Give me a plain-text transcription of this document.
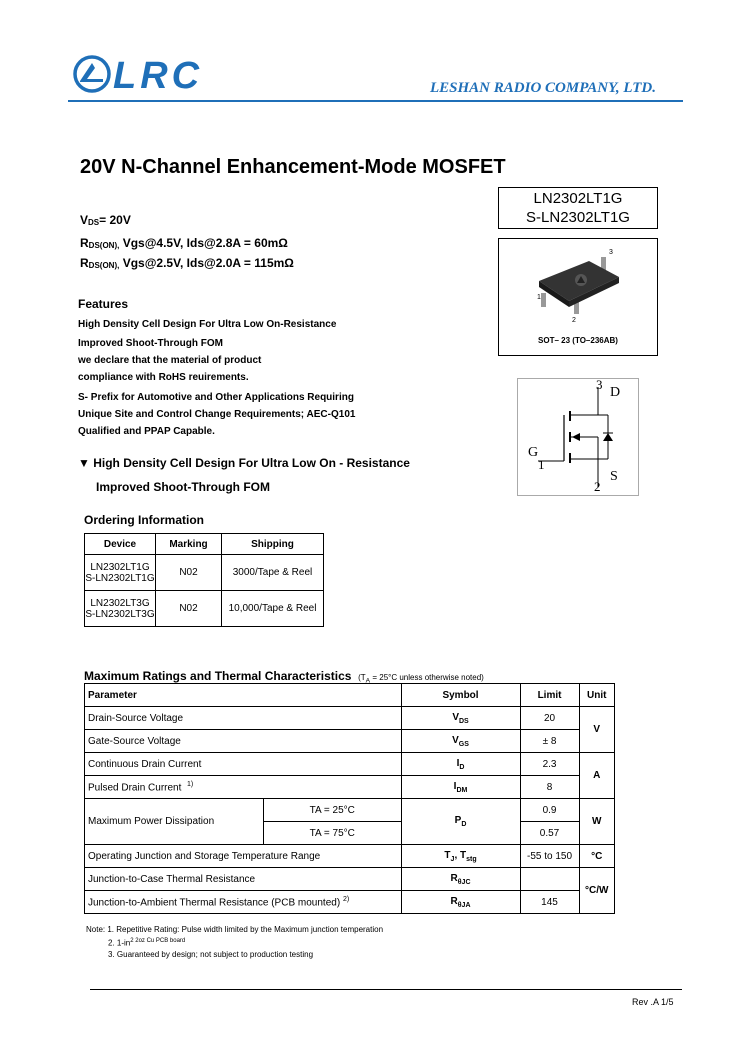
LRC	LESHAN RADIO COMPANY, LTD.
20V N-Channel Enhancement-Mode MOSFET
LN2302LT1G
S-LN2302LT1G
3
1
2
SOT– 23 (TO–236AB)
3
D
G
1
S
2
$V_{DS}= 20V$
$R_{DS(ON),}$ Vgs@4.5V, Ids@2.8A = 60mΩ
$R_{DS(ON),}$ Vgs@2.5V, Ids@2.0A = 115mΩ
Features
High Density Cell Design For Ultra Low On-Resistance
Improved Shoot-Through FOM
we declare that the material of product
compliance with RoHS reuirements.
S- Prefix for Automotive and Other Applications Requiring
Unique Site and Control Change Requirements; AEC-Q101
Qualified and PPAP Capable.
▼ High Density Cell Design For Ultra Low On - Resistance
Improved Shoot-Through FOM
Ordering Information
Device	Marking	Shipping

LN2302LT1G
S-LN2302LT1G	N02	3000/Tape & Reel

LN2302LT3G
S-LN2302LT3G	N02	10,000/Tape & Reel
Maximum Ratings and Thermal Characteristics ($T_A = 25^\circ C$ unless otherwise noted)
Parameter		Symbol	Limit	Unit
Drain-Source Voltage		$V_{DS}$	20	V
Gate-Source Voltage		$V_{GS}$	± 8	
Continuous Drain Current		$I_D$	2.3	A
Pulsed Drain Current $^{1)}$		$I_{DM}$	8	
Maximum Power Dissipation	TA = 25°C	$P_D$	0.9	W
	TA = 75°C		0.57	
Operating Junction and Storage Temperature Range		$T_J$, $T_{stg}$	-55 to 150	°C
Junction-to-Case Thermal Resistance		$R_{\theta JC}$		°C/W
Junction-to-Ambient Thermal Resistance (PCB mounted) $^{2)}$		$R_{\theta JA}$	145	
Note: 1. Repetitive Rating: Pulse width limited by the Maximum junction temperation
2. $1-in^{2 2oz Cu PCB board}$
3. Guaranteed by design; not subject to production testing
Rev .A 1/5
